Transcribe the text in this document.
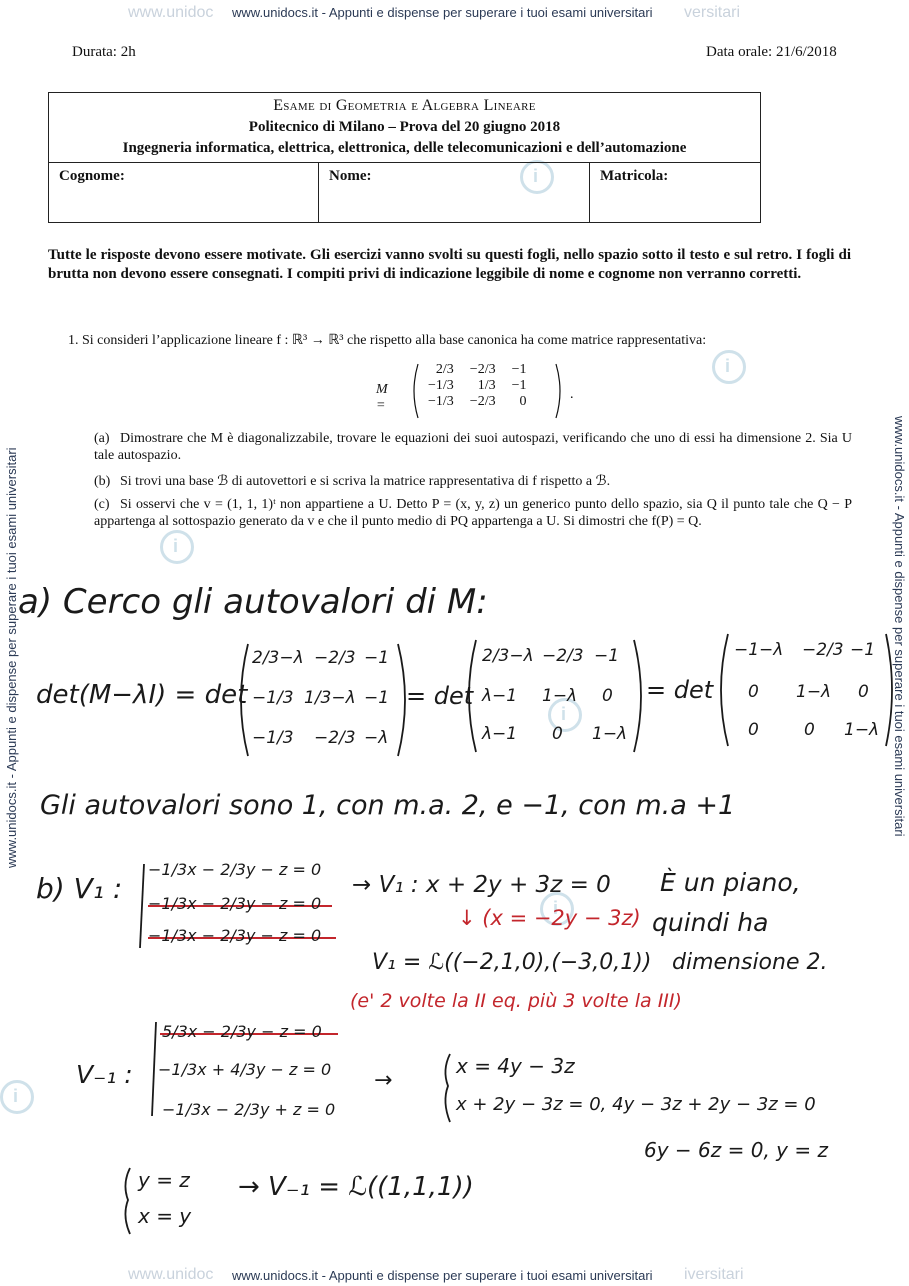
www.unidoc www.unidocs.it - Appunti e dispense per superare i tuoi esami universitari versitari
www.unidoc www.unidocs.it - Appunti e dispense per superare i tuoi esami universitari iversitari
www.unidocs.it - Appunti e dispense per superare i tuoi esami universitari	www.unidocs.it - Appunti e dispense per superare i tuoi esami universitari
i
i
i
i
i
i
Durata: 2h	Data orale: 21/6/2018
Esame di Geometria e Algebra Lineare
Politecnico di Milano – Prova del 20 giugno 2018
Ingegneria informatica, elettrica, elettronica, delle telecomunicazioni e dell’automazione
Cognome:	Nome:	Matricola:
Tutte le risposte devono essere motivate. Gli esercizi vanno svolti su questi fogli, nello spazio sotto il testo e sul retro. I fogli di brutta non devono essere consegnati. I compiti privi di indicazione leggibile di nome e cognome non verranno corretti.
1. Si consideri l’applicazione lineare f : ℝ³ → ℝ³ che rispetto alla base canonica ha come matrice rappresentativa:
M =
.
2/3	−2/3	−1
−1/3	1/3	−1
−1/3	−2/3	0
(a) Dimostrare che M è diagonalizzabile, trovare le equazioni dei suoi autospazi, verificando che uno di essi ha dimensione 2. Sia U tale autospazio.
(b) Si trovi una base ℬ di autovettori e si scriva la matrice rappresentativa di f rispetto a ℬ.
(c) Si osservi che v = (1, 1, 1)ᵗ non appartiene a U. Detto P = (x, y, z) un generico punto dello spazio, sia Q il punto tale che Q − P appartenga al sottospazio generato da v e che il punto medio di PQ appartenga a U. Si dimostri che f(P) = Q.
a) Cerco gli autovalori di M:
det(M−λI) = det
2/3−λ −2/3 −1
−1/3 1/3−λ −1
−1/3 −2/3 −λ
= det
2/3−λ −2/3 −1
λ−1 1−λ 0
λ−1 0 1−λ
= det
−1−λ −2/3 −1
0 1−λ 0
0	0 1−λ
Gli autovalori sono 1, con m.a. 2, e −1, con m.a +1
b) V₁ :
−1/3x − 2/3y − z = 0
−1/3x − 2/3y − z = 0
−1/3x − 2/3y − z = 0
→ V₁ : x + 2y + 3z = 0 È un piano,
↓ (x = −2y − 3z) quindi ha
V₁ = ℒ((−2,1,0),(−3,0,1)) dimensione 2.
(e' 2 volte la II eq. più 3 volte la III)
V₋₁ :
5/3x − 2/3y − z = 0
−1/3x + 4/3y − z = 0
−1/3x − 2/3y + z = 0
→
x = 4y − 3z
x + 2y − 3z = 0, 4y − 3z + 2y − 3z = 0
6y − 6z = 0, y = z
y = z
x = y
→ V₋₁ = ℒ((1,1,1))
